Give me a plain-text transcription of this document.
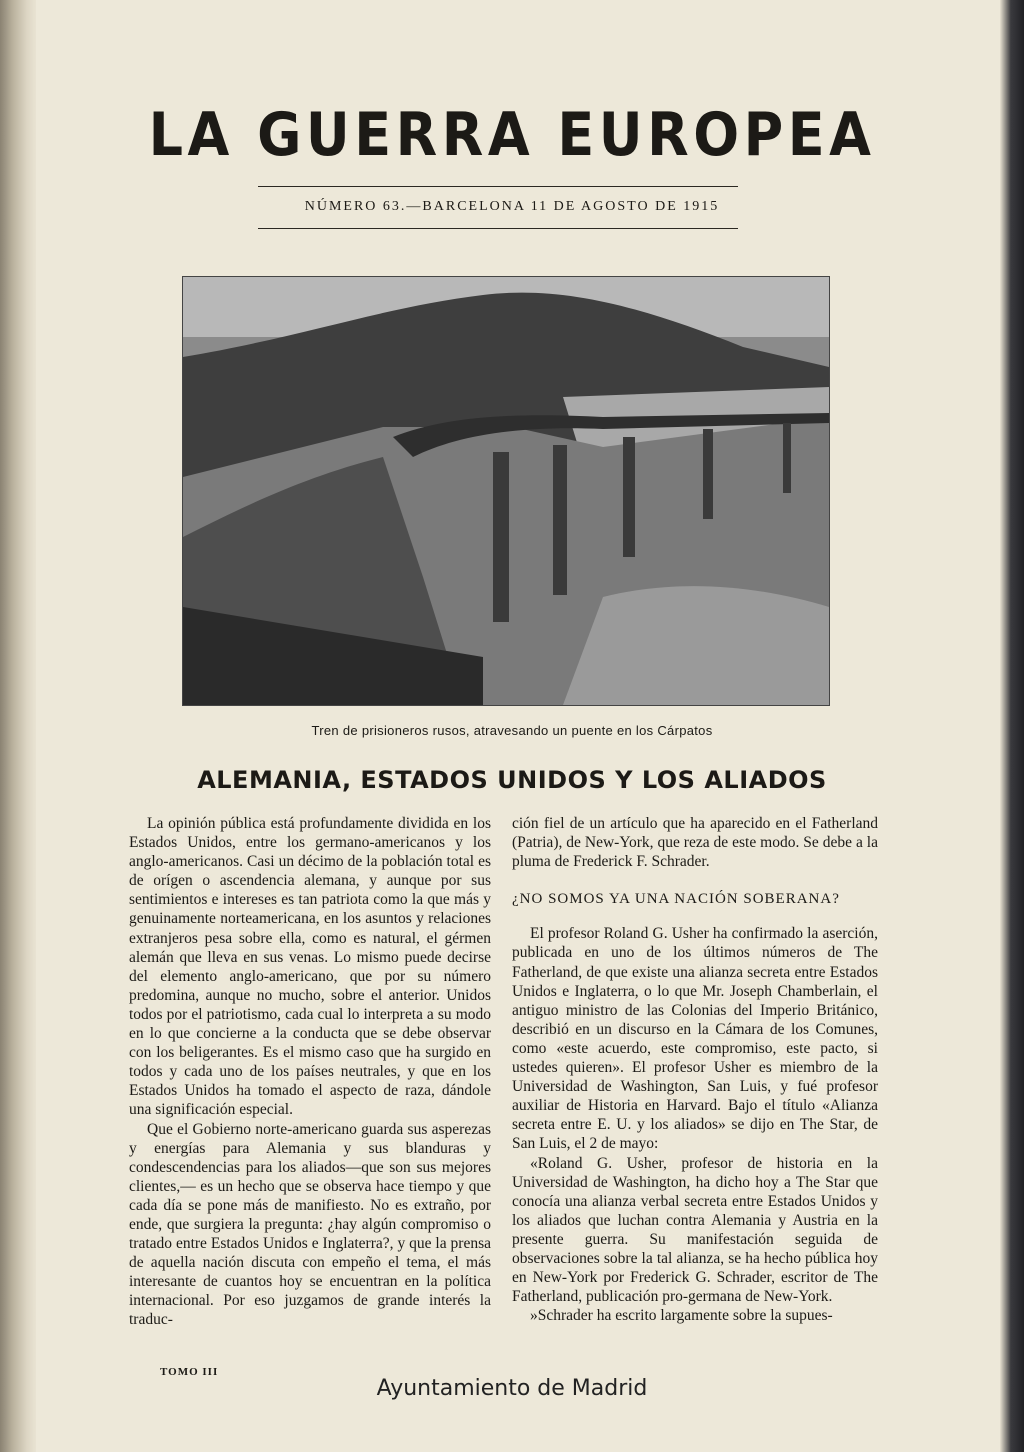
LA GUERRA EUROPEA
NÚMERO 63.—BARCELONA 11 DE AGOSTO DE 1915
Tren de prisioneros rusos, atravesando un puente en los Cárpatos
ALEMANIA, ESTADOS UNIDOS Y LOS ALIADOS

La opinión pública está profundamente dividida en los Estados Unidos, entre los germano-americanos y los anglo-americanos. Casi un décimo de la población total es de orígen o ascendencia alemana, y aunque por sus sentimientos e intereses es tan patriota como la que más y genuinamente norteamericana, en los asuntos y relaciones extranjeros pesa sobre ella, como es natural, el gérmen alemán que lleva en sus venas. Lo mismo puede decirse del elemento anglo-americano, que por su número predomina, aunque no mucho, sobre el anterior. Unidos todos por el patriotismo, cada cual lo interpreta a su modo en lo que concierne a la conducta que se debe observar con los beligerantes. Es el mismo caso que ha surgido en todos y cada uno de los países neutrales, y que en los Estados Unidos ha tomado el aspecto de raza, dándole una significación especial.

Que el Gobierno norte-americano guarda sus asperezas y energías para Alemania y sus blanduras y condescendencias para los aliados—que son sus mejores clientes,— es un hecho que se observa hace tiempo y que cada día se pone más de manifiesto. No es extraño, por ende, que surgiera la pregunta: ¿hay algún compromiso o tratado entre Estados Unidos e Inglaterra?, y que la prensa de aquella nación discuta con empeño el tema, el más interesante de cuantos hoy se encuentran en la política internacional. Por eso juzgamos de grande interés la traduc-

ción fiel de un artículo que ha aparecido en el Fatherland (Patria), de New-York, que reza de este modo. Se debe a la pluma de Frederick F. Schrader.

¿NO SOMOS YA UNA NACIÓN SOBERANA?

El profesor Roland G. Usher ha confirmado la aserción, publicada en uno de los últimos números de The Fatherland, de que existe una alianza secreta entre Estados Unidos e Inglaterra, o lo que Mr. Joseph Chamberlain, el antiguo ministro de las Colonias del Imperio Británico, describió en un discurso en la Cámara de los Comunes, como «este acuerdo, este compromiso, este pacto, si ustedes quieren». El profesor Usher es miembro de la Universidad de Washington, San Luis, y fué profesor auxiliar de Historia en Harvard. Bajo el título «Alianza secreta entre E. U. y los aliados» se dijo en The Star, de San Luis, el 2 de mayo:

«Roland G. Usher, profesor de historia en la Universidad de Washington, ha dicho hoy a The Star que conocía una alianza verbal secreta entre Estados Unidos y los aliados que luchan contra Alemania y Austria en la presente guerra. Su manifestación seguida de observaciones sobre la tal alianza, se ha hecho pública hoy en New-York por Frederick G. Schrader, escritor de The Fatherland, publicación pro-germana de New-York.

»Schrader ha escrito largamente sobre la supues-

TOMO III
Ayuntamiento de Madrid
